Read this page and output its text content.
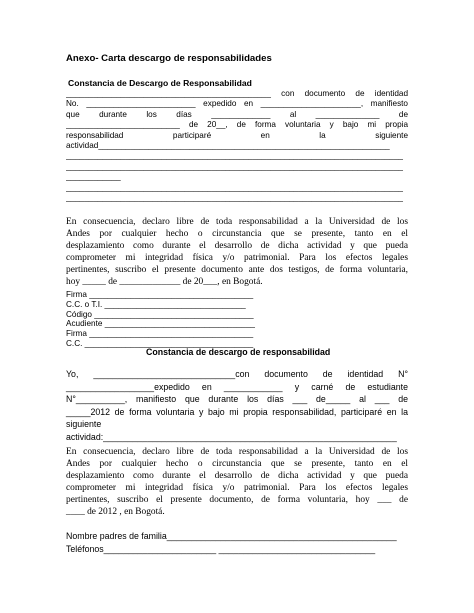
Anexo- Carta descargo de responsabilidades
Constancia de Descargo de Responsabilidad
_____________________________________________ con documento de identidad
No. ________________________ expedido en ______________________, manifiesto
que durante los días _____________ al ______________ de
_________________________ de 20__, de forma voluntaria y bajo mi propia
responsabilidad participaré en la siguiente
actividad________________________________________________________________
__________________________________________________________________________
__________________________________________________________________________
____________
__________________________________________________________________________
__________________________________________________________________________
En consecuencia, declaro libre de toda responsabilidad a la Universidad de los
Andes por cualquier hecho o circunstancia que se presente, tanto en el
desplazamiento como durante el desarrollo de dicha actividad y que pueda
comprometer mi integridad física y/o patrimonial. Para los efectos legales
pertinentes, suscribo el presente documento ante dos testigos, de forma voluntaria,
hoy _____ de _____________ de 20___, en Bogotá.
Firma ____________________________________
C.C. o T.I. _______________________________
Código ___________________________________
Acudiente _________________________________
Firma ____________________________________
C.C. _____________________________________
Constancia de descargo de responsabilidad
Yo, _____________________________con documento de identidad N°
__________________expedido en ____________ y carné de estudiante
N°__________, manifiesto que durante los días ___ de_____ al ___ de
_____2012 de forma voluntaria y bajo mi propia responsabilidad, participaré en la
siguiente
actividad:____________________________________________________________
En consecuencia, declaro libre de toda responsabilidad a la Universidad de los
Andes por cualquier hecho o circunstancia que se presente, tanto en el
desplazamiento como durante el desarrollo de dicha actividad y que pueda
comprometer mi integridad física y/o patrimonial. Para los efectos legales
pertinentes, suscribo el presente documento, de forma voluntaria, hoy ___ de
____ de 2012 , en Bogotá.
Nombre padres de familia_______________________________________________
Teléfonos_______________________ ________________________________
